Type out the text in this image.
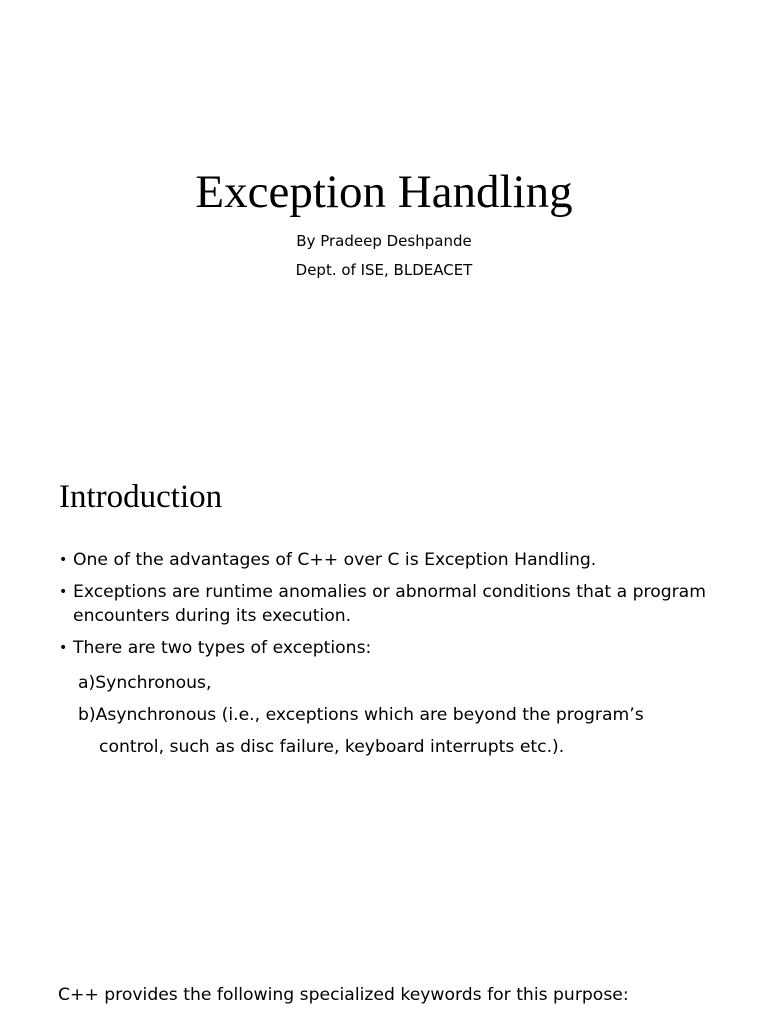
Exception Handling
By Pradeep Deshpande
Dept. of ISE, BLDEACET
Introduction
• One of the advantages of C++ over C is Exception Handling.
• Exceptions are runtime anomalies or abnormal conditions that a program encounters during its execution.
• There are two types of exceptions:
a)Synchronous,
b)Asynchronous (i.e., exceptions which are beyond the program’s
control, such as disc failure, keyboard interrupts etc.).
C++ provides the following specialized keywords for this purpose:
